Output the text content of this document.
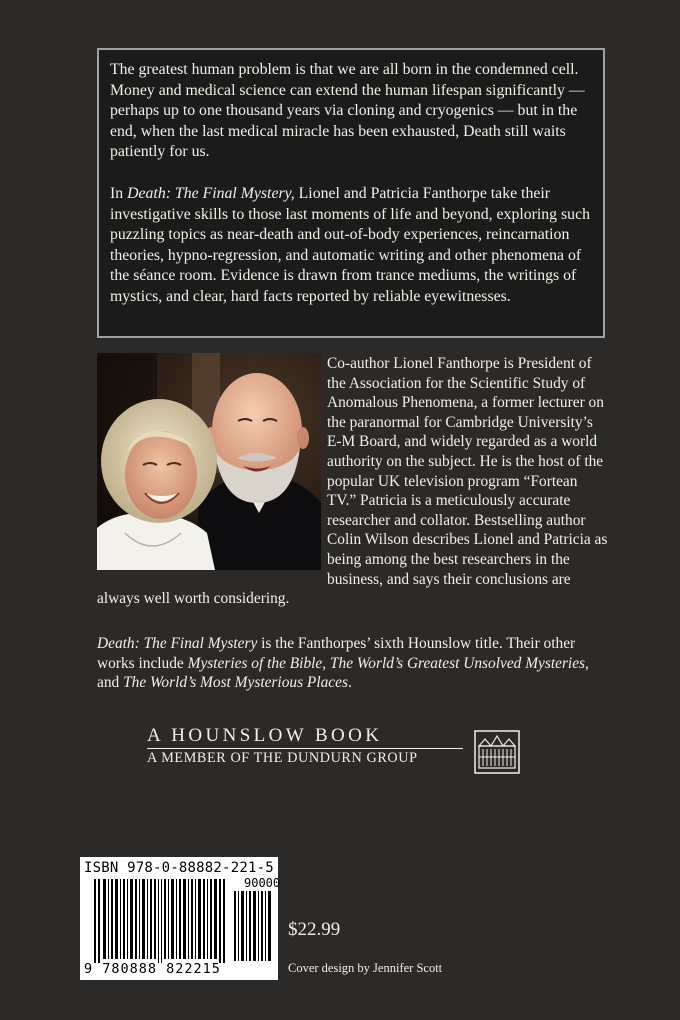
The greatest human problem is that we are all born in the condemned cell. Money and medical science can extend the human lifespan significantly — perhaps up to one thousand years via cloning and cryogenics — but in the end, when the last medical miracle has been exhausted, Death still waits patiently for us.

In Death: The Final Mystery, Lionel and Patricia Fanthorpe take their investigative skills to those last moments of life and beyond, exploring such puzzling topics as near-death and out-of-body experiences, reincarnation theories, hypno-regression, and automatic writing and other phenomena of the séance room. Evidence is drawn from trance mediums, the writings of mystics, and clear, hard facts reported by reliable eyewitnesses.

Co-author Lionel Fanthorpe is President of the Association for the Scientific Study of Anomalous Phenomena, a former lecturer on the paranormal for Cambridge University’s E-M Board, and widely regarded as a world authority on the subject. He is the host of the popular UK television program “Fortean TV.” Patricia is a meticulously accurate researcher and collator. Bestselling author Colin Wilson describes Lionel and Patricia as being among the best researchers in the business, and says their conclusions are always well worth considering.

Death: The Final Mystery is the Fanthorpes’ sixth Hounslow title. Their other works include Mysteries of the Bible, The World’s Greatest Unsolved Mysteries, and The World’s Most Mysterious Places.

A HOUNSLOW BOOK
A MEMBER OF THE DUNDURN GROUP
ISBN 978-0-88882-221-5
90000
9 780888 822215
$22.99
Cover design by Jennifer Scott
